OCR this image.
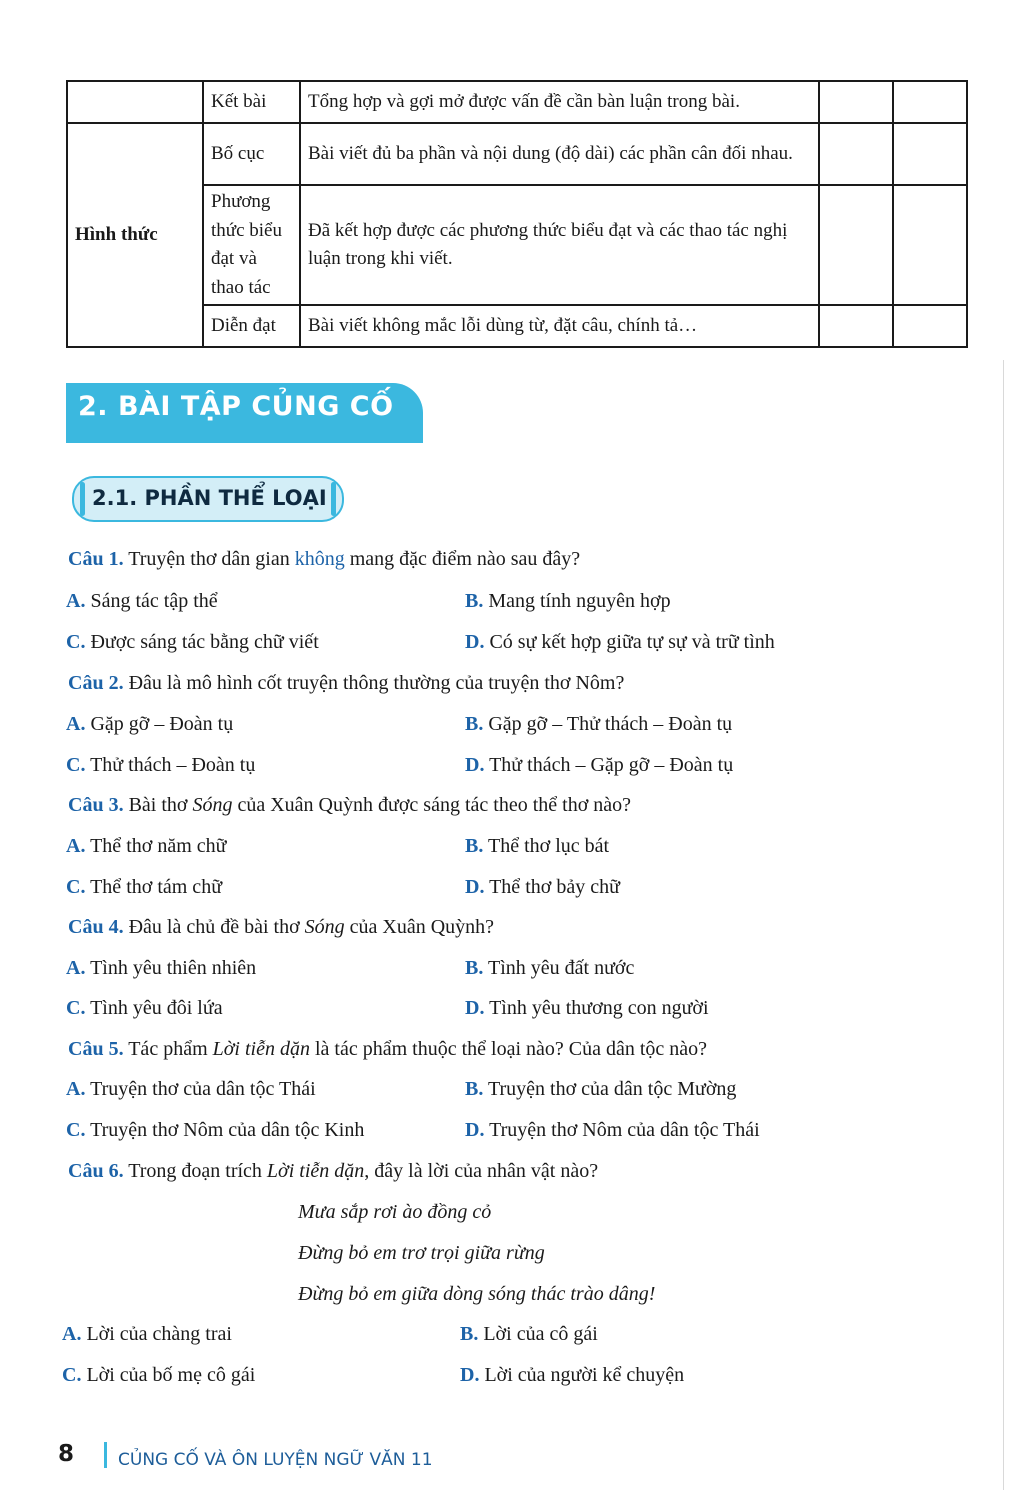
	Kết bài	Tổng hợp và gợi mở được vấn đề cần bàn luận trong bài.		
Hình thức	Bố cục	Bài viết đủ ba phần và nội dung (độ dài) các phần cân đối nhau.		
	Phương thức biểu đạt và thao tác	Đã kết hợp được các phương thức biểu đạt và các thao tác nghị luận trong khi viết.		
	Diễn đạt	Bài viết không mắc lỗi dùng từ, đặt câu, chính tả…		
2. BÀI TẬP CỦNG CỐ
2.1. PHẦN THỂ LOẠI
Câu 1. Truyện thơ dân gian không mang đặc điểm nào sau đây?
A. Sáng tác tập thể	B. Mang tính nguyên hợp
C. Được sáng tác bằng chữ viết	D. Có sự kết hợp giữa tự sự và trữ tình
Câu 2. Đâu là mô hình cốt truyện thông thường của truyện thơ Nôm?
A. Gặp gỡ – Đoàn tụ	B. Gặp gỡ – Thử thách – Đoàn tụ
C. Thử thách – Đoàn tụ	D. Thử thách – Gặp gỡ – Đoàn tụ
Câu 3. Bài thơ Sóng của Xuân Quỳnh được sáng tác theo thể thơ nào?
A. Thể thơ năm chữ	B. Thể thơ lục bát
C. Thể thơ tám chữ	D. Thể thơ bảy chữ
Câu 4. Đâu là chủ đề bài thơ Sóng của Xuân Quỳnh?
A. Tình yêu thiên nhiên	B. Tình yêu đất nước
C. Tình yêu đôi lứa	D. Tình yêu thương con người
Câu 5. Tác phẩm Lời tiễn dặn là tác phẩm thuộc thể loại nào? Của dân tộc nào?
A. Truyện thơ của dân tộc Thái	B. Truyện thơ của dân tộc Mường
C. Truyện thơ Nôm của dân tộc Kinh	D. Truyện thơ Nôm của dân tộc Thái
Câu 6. Trong đoạn trích Lời tiễn dặn, đây là lời của nhân vật nào?
Mưa sắp rơi ào đồng cỏ
Đừng bỏ em trơ trọi giữa rừng
Đừng bỏ em giữa dòng sóng thác trào dâng!
A. Lời của chàng trai	B. Lời của cô gái
C. Lời của bố mẹ cô gái	D. Lời của người kể chuyện
8	CỦNG CỐ VÀ ÔN LUYỆN NGỮ VĂN 11
